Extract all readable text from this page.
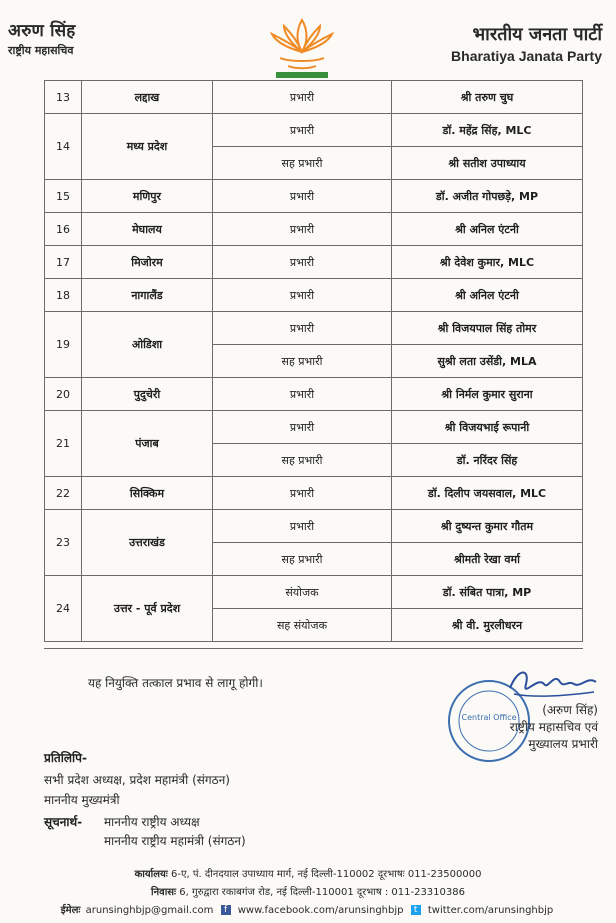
अरुण सिंह
राष्ट्रीय महासचिव
भारतीय जनता पार्टी
Bharatiya Janata Party
13	लद्दाख	प्रभारी	श्री तरुण चुघ
14	मध्य प्रदेश	प्रभारी	डॉ. महेंद्र सिंह, MLC
		सह प्रभारी	श्री सतीश उपाध्याय
15	मणिपुर	प्रभारी	डॉ. अजीत गोपछड़े, MP
16	मेघालय	प्रभारी	श्री अनिल एंटनी
17	मिजोरम	प्रभारी	श्री देवेश कुमार, MLC
18	नागालैंड	प्रभारी	श्री अनिल एंटनी
19	ओडिशा	प्रभारी	श्री विजयपाल सिंह तोमर
		सह प्रभारी	सुश्री लता उसेंडी, MLA
20	पुदुचेरी	प्रभारी	श्री निर्मल कुमार सुराना
21	पंजाब	प्रभारी	श्री विजयभाई रूपानी
		सह प्रभारी	डॉ. नरिंदर सिंह
22	सिक्किम	प्रभारी	डॉ. दिलीप जयसवाल, MLC
23	उत्तराखंड	प्रभारी	श्री दुष्यन्त कुमार गौतम
		सह प्रभारी	श्रीमती रेखा वर्मा
24	उत्तर - पूर्व प्रदेश	संयोजक	डॉ. संबित पात्रा, MP
		सह संयोजक	श्री वी. मुरलीधरन
यह नियुक्ति तत्काल प्रभाव से लागू होगी।
Central Office
(अरुण सिंह)
राष्ट्रीय महासचिव एवं
मुख्यालय प्रभारी
प्रतिलिपि-
सभी प्रदेश अध्यक्ष, प्रदेश महामंत्री (संगठन)
माननीय मुख्यमंत्री
सूचनार्थ- माननीय राष्ट्रीय अध्यक्ष
माननीय राष्ट्रीय महामंत्री (संगठन)
कार्यालयः 6-ए, पं. दीनदयाल उपाध्याय मार्ग, नई दिल्ली-110002 दूरभाषः 011-23500000
निवासः 6, गुरुद्वारा रकाबगंज रोड, नई दिल्ली-110001 दूरभाष : 011-23310386
ईमेलः arunsinghbjp@gmail.com f www.facebook.com/arunsinghbjp t twitter.com/arunsinghbjp
